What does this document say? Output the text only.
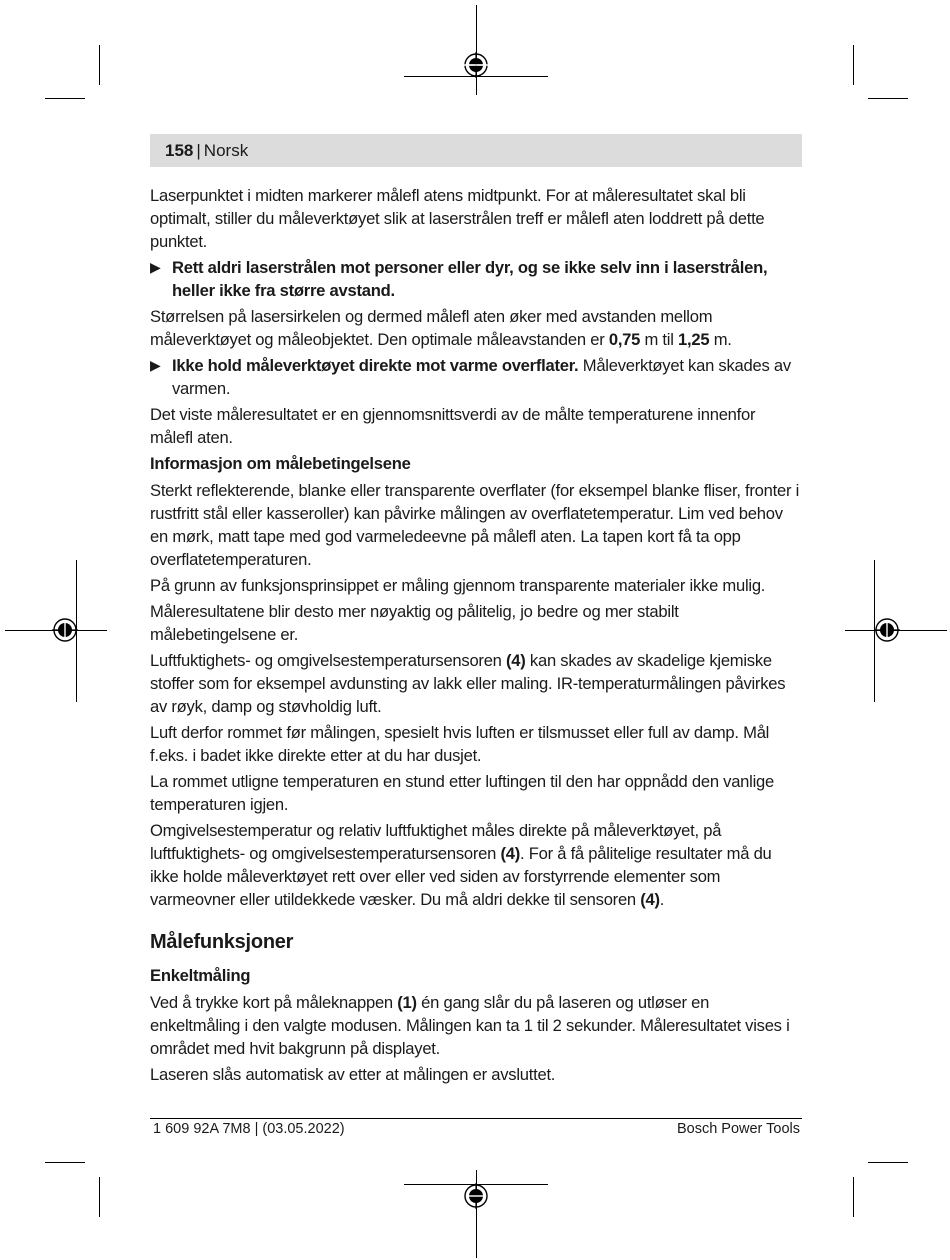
158 | Norsk

Laserpunktet i midten markerer målefl atens midtpunkt. For at måleresultatet skal bli optimalt, stiller du måleverktøyet slik at laserstrålen treff er målefl aten loddrett på dette punktet.

▶ Rett aldri laserstrålen mot personer eller dyr, og se ikke selv inn i laserstrålen, heller ikke fra større avstand.

Størrelsen på lasersirkelen og dermed målefl aten øker med avstanden mellom måleverktøyet og måleobjektet. Den optimale måleavstanden er 0,75 m til 1,25 m.

▶ Ikke hold måleverktøyet direkte mot varme overflater. Måleverktøyet kan skades av varmen.

Det viste måleresultatet er en gjennomsnittsverdi av de målte temperaturene innenfor målefl aten.

Informasjon om målebetingelsene

Sterkt reflekterende, blanke eller transparente overflater (for eksempel blanke fliser, fronter i rustfritt stål eller kasseroller) kan påvirke målingen av overflatetemperatur. Lim ved behov en mørk, matt tape med god varmeledeevne på målefl aten. La tapen kort få ta opp overflatetemperaturen.

På grunn av funksjonsprinsippet er måling gjennom transparente materialer ikke mulig.

Måleresultatene blir desto mer nøyaktig og pålitelig, jo bedre og mer stabilt målebetingelsene er.

Luftfuktighets- og omgivelsestemperatursensoren (4) kan skades av skadelige kjemiske stoffer som for eksempel avdunsting av lakk eller maling. IR-temperaturmålingen påvirkes av røyk, damp og støvholdig luft.

Luft derfor rommet før målingen, spesielt hvis luften er tilsmusset eller full av damp. Mål f.eks. i badet ikke direkte etter at du har dusjet.

La rommet utligne temperaturen en stund etter luftingen til den har oppnådd den vanlige temperaturen igjen.

Omgivelsestemperatur og relativ luftfuktighet måles direkte på måleverktøyet, på luftfuktighets- og omgivelsestemperatursensoren (4). For å få pålitelige resultater må du ikke holde måleverktøyet rett over eller ved siden av forstyrrende elementer som varmeovner eller utildekkede væsker. Du må aldri dekke til sensoren (4).

Målefunksjoner
Enkeltmåling

Ved å trykke kort på måleknappen (1) én gang slår du på laseren og utløser en enkeltmåling i den valgte modusen. Målingen kan ta 1 til 2 sekunder. Måleresultatet vises i området med hvit bakgrunn på displayet.

Laseren slås automatisk av etter at målingen er avsluttet.

1 609 92A 7M8 | (03.05.2022)	Bosch Power Tools
